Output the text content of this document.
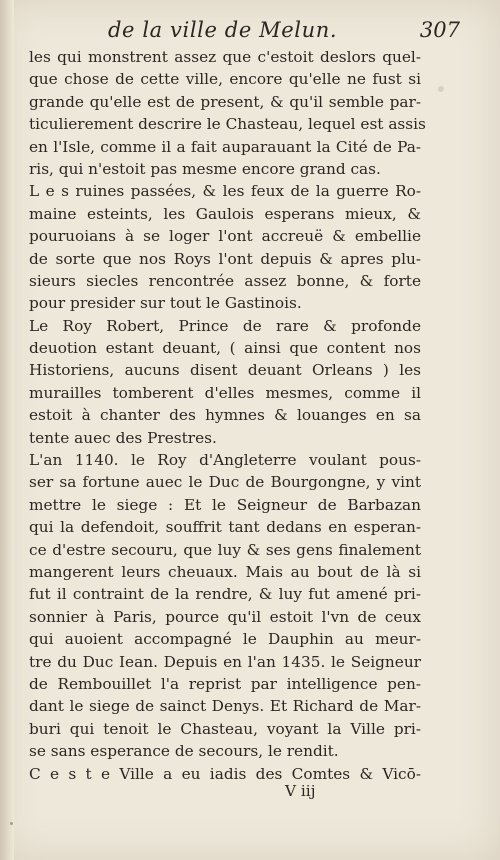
de la ville de Melun.	307
les qui monstrent assez que c'estoit deslors quel-
que chose de cette ville, encore qu'elle ne fust si
grande qu'elle est de present, & qu'il semble par-
ticulierement descrire le Chasteau, lequel est assis
en l'Isle, comme il a fait auparauant la Cité de Pa-
ris, qui n'estoit pas mesme encore grand cas.
L e s ruines passées, & les feux de la guerre Ro-
maine esteints, les Gaulois esperans mieux, &
pouruoians à se loger l'ont accreuë & embellie
de sorte que nos Roys l'ont depuis & apres plu-
sieurs siecles rencontrée assez bonne, & forte
pour presider sur tout le Gastinois.
Le Roy Robert, Prince de rare & profonde
deuotion estant deuant, ( ainsi que content nos
Historiens, aucuns disent deuant Orleans ) les
murailles tomberent d'elles mesmes, comme il
estoit à chanter des hymnes & louanges en sa
tente auec des Prestres.
L'an 1140. le Roy d'Angleterre voulant pous-
ser sa fortune auec le Duc de Bourgongne, y vint
mettre le siege : Et le Seigneur de Barbazan
qui la defendoit, souffrit tant dedans en esperan-
ce d'estre secouru, que luy & ses gens finalement
mangerent leurs cheuaux. Mais au bout de là si
fut il contraint de la rendre, & luy fut amené pri-
sonnier à Paris, pource qu'il estoit l'vn de ceux
qui auoient accompagné le Dauphin au meur-
tre du Duc Iean. Depuis en l'an 1435. le Seigneur
de Rembouillet l'a reprist par intelligence pen-
dant le siege de sainct Denys. Et Richard de Mar-
buri qui tenoit le Chasteau, voyant la Ville pri-
se sans esperance de secours, le rendit.
C e s t e Ville a eu iadis des Comtes & Vicō-
V iij
